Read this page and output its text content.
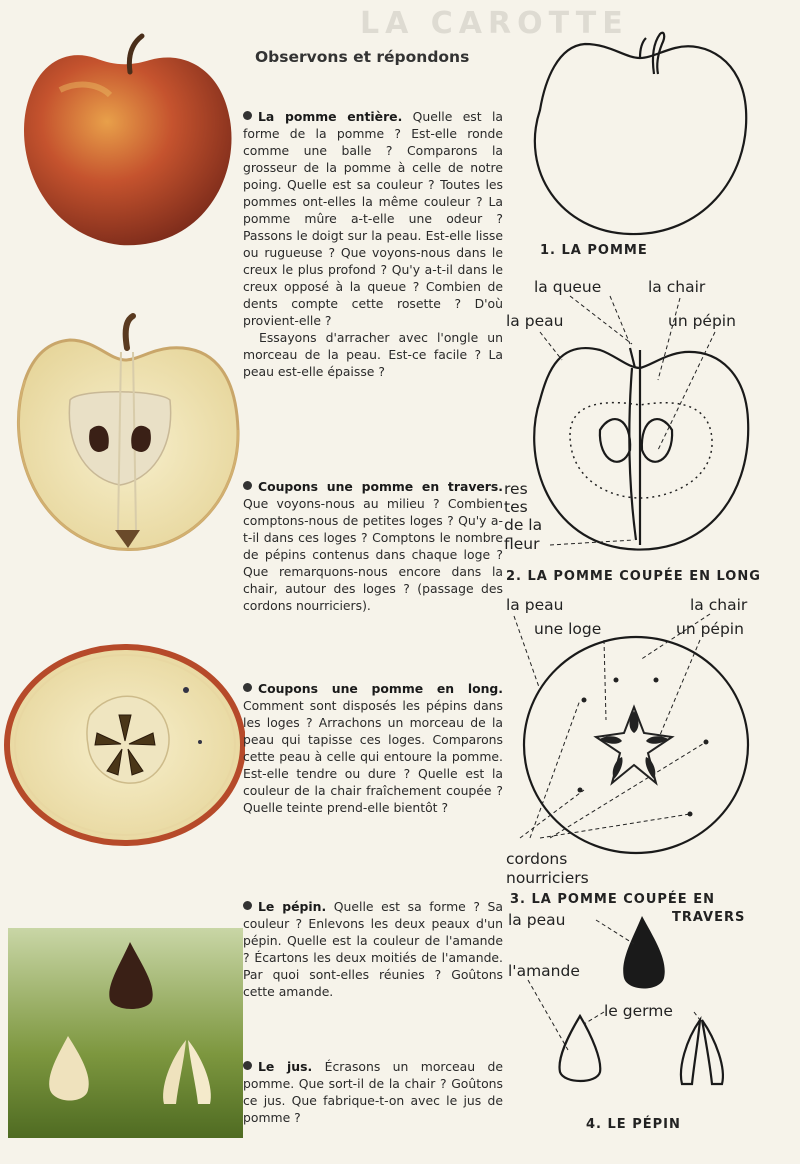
LA CAROTTE
Observons et répondons

La pomme entière. Quelle est la forme de la pomme ? Est-elle ronde comme une balle ? Comparons la grosseur de la pomme à celle de notre poing. Quelle est sa couleur ? Toutes les pommes ont-elles la même couleur ? La pomme mûre a-t-elle une odeur ? Passons le doigt sur la peau. Est-elle lisse ou rugueuse ? Que voyons-nous dans le creux le plus profond ? Qu'y a-t-il dans le creux opposé à la queue ? Combien de dents compte cette rosette ? D'où provient-elle ?

Essayons d'arracher avec l'ongle un morceau de la peau. Est-ce facile ? La peau est-elle épaisse ?

Coupons une pomme en travers. Que voyons-nous au milieu ? Combien comptons-nous de petites loges ? Qu'y a-t-il dans ces loges ? Comptons le nombre de pépins contenus dans chaque loge ? Que remarquons-nous encore dans la chair, autour des loges ? (passage des cordons nourriciers).

Coupons une pomme en long. Comment sont disposés les pépins dans les loges ? Arrachons un morceau de la peau qui tapisse ces loges. Comparons cette peau à celle qui entoure la pomme. Est-elle tendre ou dure ? Quelle est la couleur de la chair fraîchement coupée ? Quelle teinte prend-elle bientôt ?

Le pépin. Quelle est sa forme ? Sa couleur ? Enlevons les deux peaux d'un pépin. Quelle est la couleur de l'amande ? Écartons les deux moitiés de l'amande. Par quoi sont-elles réunies ? Goûtons cette amande.

Le jus. Écrasons un morceau de pomme. Que sort-il de la chair ? Goûtons ce jus. Que fabrique-t-on avec le jus de pomme ?

1. LA POMME
la queue	la chair
la peau	un pépin
res
tes
de la
fleur
2. LA POMME COUPÉE EN LONG
la peau	la chair
une loge	un pépin
cordons
nourriciers
3. LA POMME COUPÉE EN
TRAVERS
la peau
l'amande
le germe
4. LE PÉPIN
